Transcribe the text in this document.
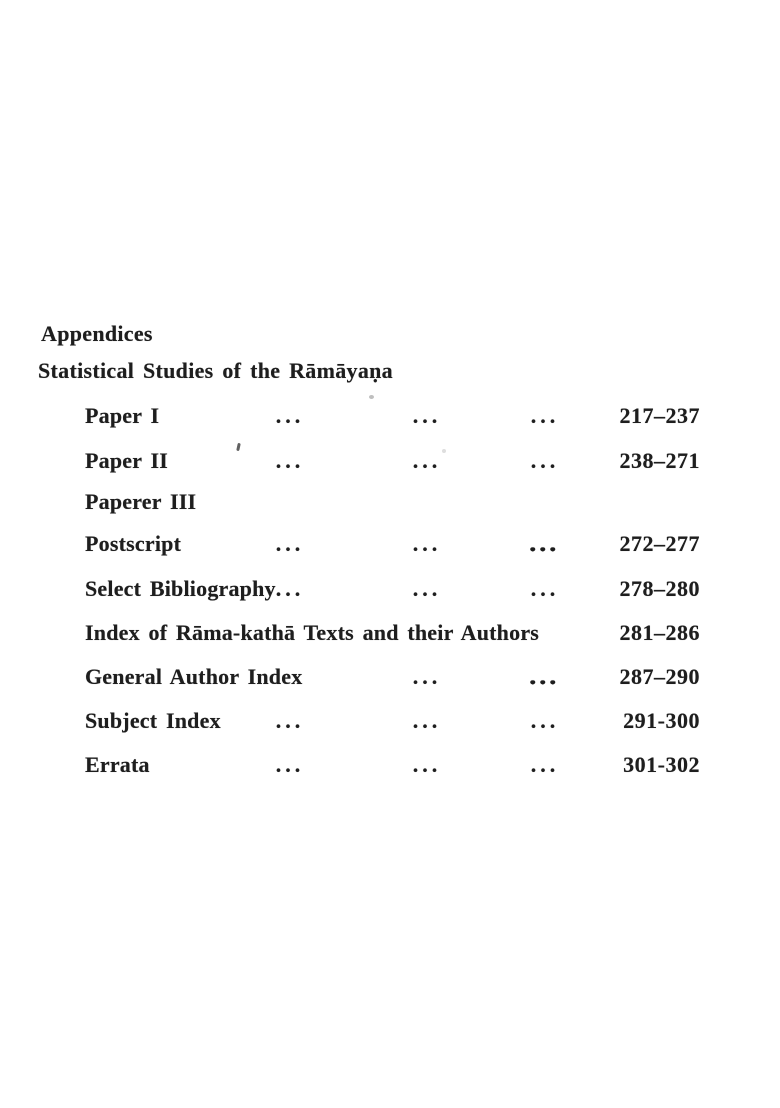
Appendices
Statistical Studies of the Rāmāyaṇa
Paper I	...	...	...	217–237
Paper II	...	...	...	238–271
Paperer III
Postscript	...	...	...	272–277
Select Bibliography ...	...	...	278–280
Index of Rāma-kathā Texts and their Authors	281–286
General Author Index	...	...	287–290
Subject Index ...	...	...	291-300
Errata	...	...	...	301-302
